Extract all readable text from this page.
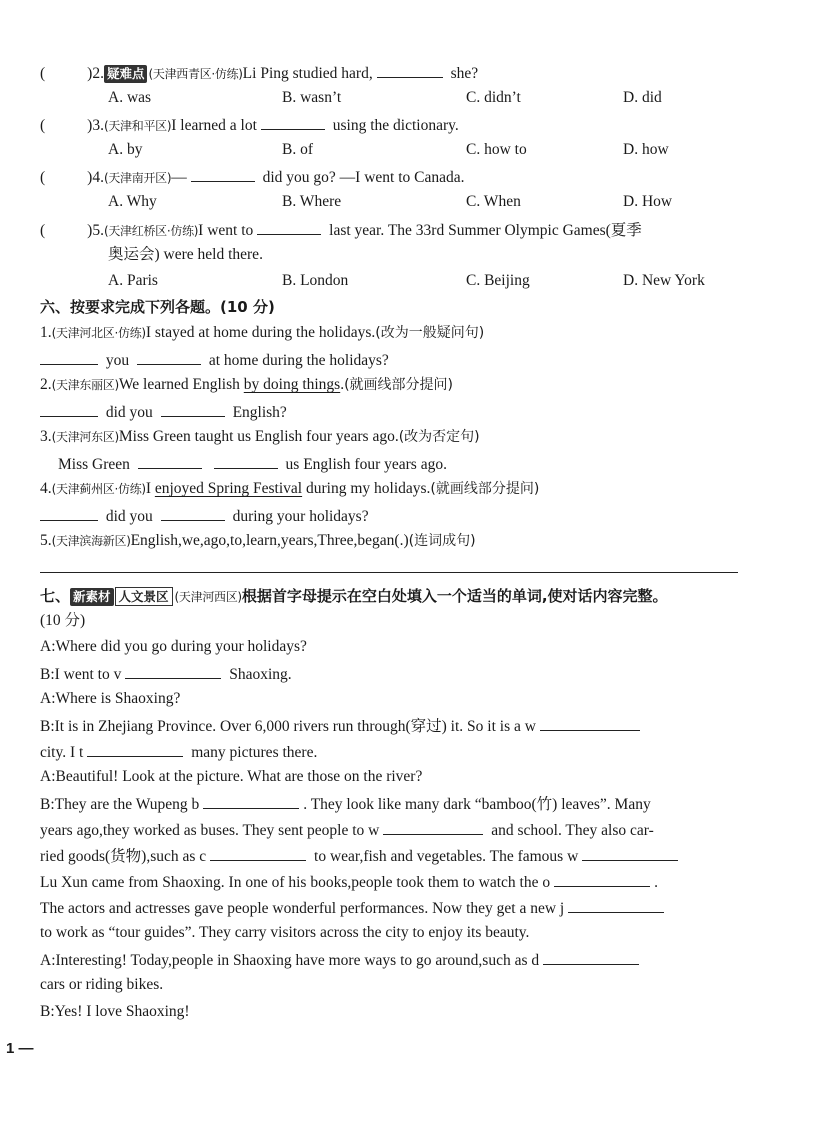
(	)2. 疑难点 (天津西青区·仿练)Li Ping studied hard,	she?
A. was	B. wasn’t	C. didn’t	D. did
(	)3.(天津和平区)I learned a lot	using the dictionary.
A. by	B. of	C. how to	D. how
(	)4.(天津南开区)—	did you go? —I went to Canada.
A. Why	B. Where	C. When	D. How
(	)5.(天津红桥区·仿练)I went to	last year. The 33rd Summer Olympic Games(夏季
奥运会) were held there.
A. Paris	B. London	C. Beijing	D. New York
六、按要求完成下列各题。(10 分)
1.(天津河北区·仿练)I stayed at home during the holidays.(改为一般疑问句)
you	at home during the holidays?
2.(天津东丽区)We learned English by doing things.(就画线部分提问)
did you	English?
3.(天津河东区)Miss Green taught us English four years ago.(改为否定句)
Miss Green	us English four years ago.
4.(天津蓟州区·仿练)I enjoyed Spring Festival during my holidays.(就画线部分提问)
did you	during your holidays?
5.(天津滨海新区)English,we,ago,to,learn,years,Three,began(.)(连词成句)
七、 新素材 人文景区 (天津河西区)根据首字母提示在空白处填入一个适当的单词,使对话内容完整。
(10 分)
A:Where did you go during your holidays?
B:I went to v	Shaoxing.
A:Where is Shaoxing?
B:It is in Zhejiang Province. Over 6,000 rivers run through(穿过) it. So it is a w
city. I t	many pictures there.
A:Beautiful! Look at the picture. What are those on the river?
B:They are the Wupeng b	. They look like many dark “bamboo(竹) leaves”. Many
years ago,they worked as buses. They sent people to w	and school. They also car-
ried goods(货物),such as c	to wear,fish and vegetables. The famous w
Lu Xun came from Shaoxing. In one of his books,people took them to watch the o	.
The actors and actresses gave people wonderful performances. Now they get a new j
to work as “tour guides”. They carry visitors across the city to enjoy its beauty.
A:Interesting! Today,people in Shaoxing have more ways to go around,such as d
cars or riding bikes.
B:Yes! I love Shaoxing!
1 —
